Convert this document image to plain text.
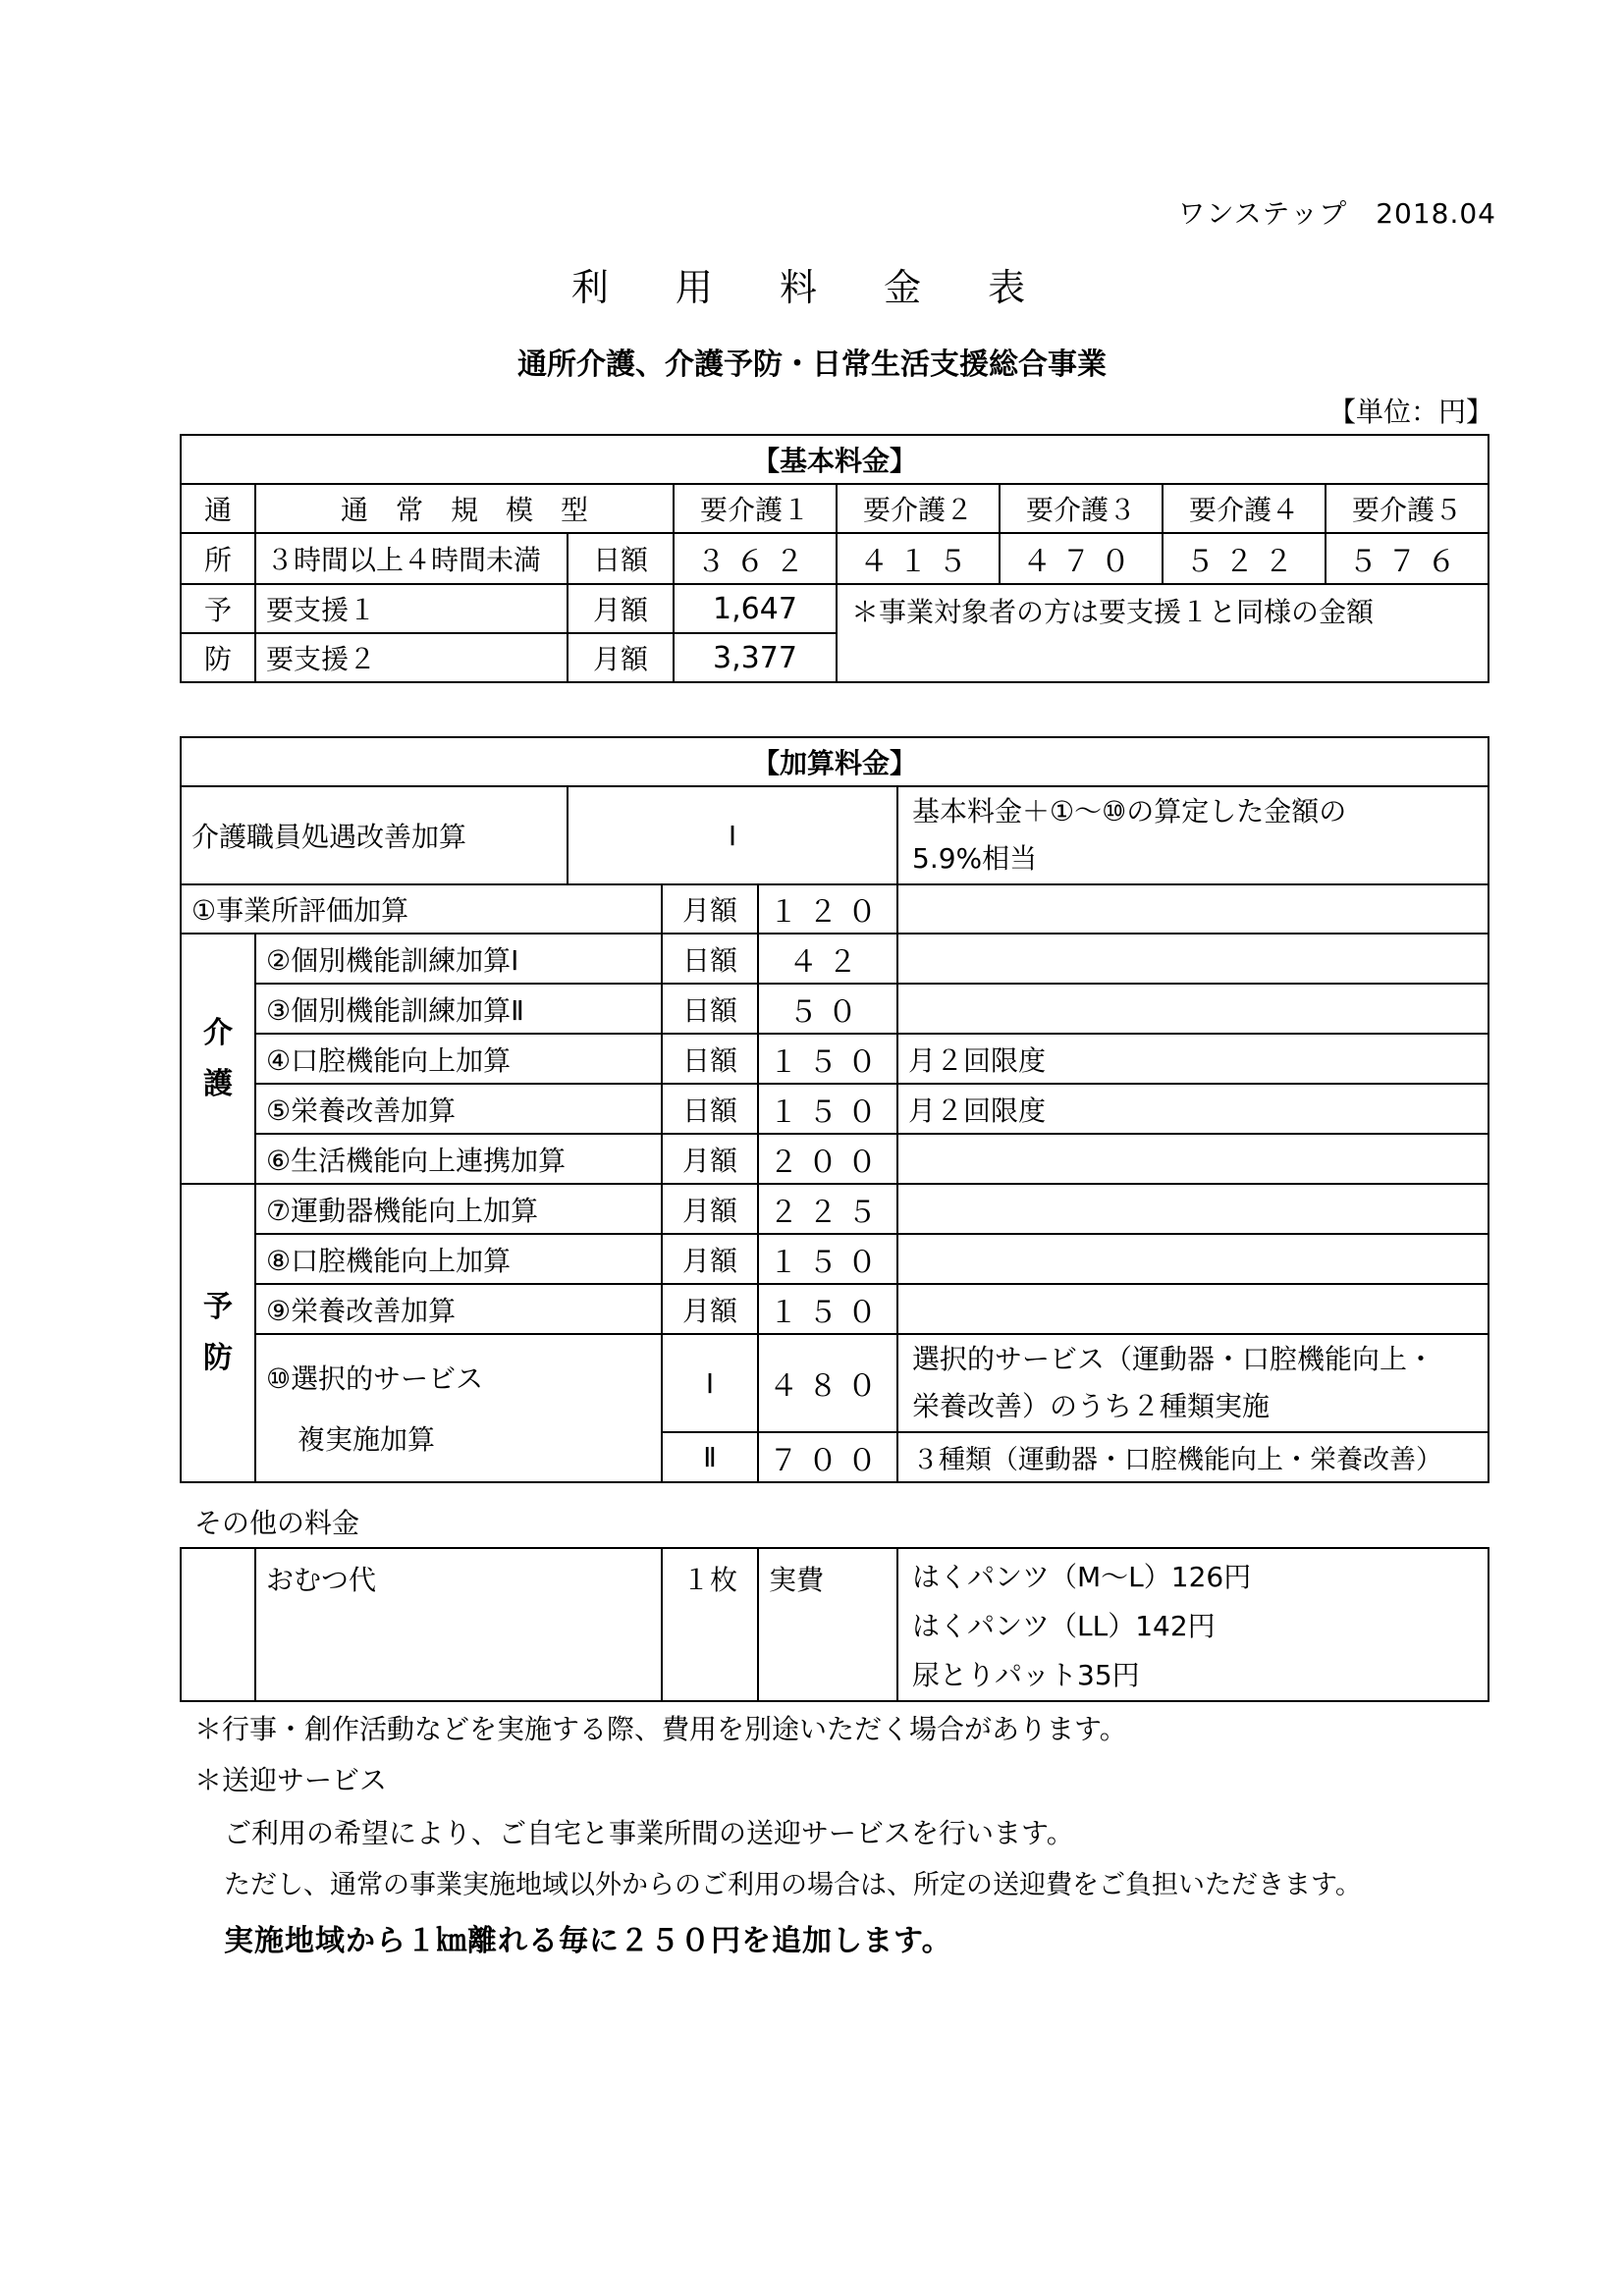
ワンステップ　2018.04
利 用 料 金 表
通所介護、介護予防・日常生活支援総合事業
【単位：円】
【基本料金】							
通	通　常　規　模　型		要介護１	要介護２	要介護３	要介護４	要介護５
所	３時間以上４時間未満	日額	３６２	４１５	４７０	５２２	５７６
予	要支援１	月額	1,647	＊事業対象者の方は要支援１と同様の金額			
防	要支援２	月額	3,377				
【加算料金】					
介護職員処遇改善加算		Ⅰ			基本料金＋①～⑩の算定した金額の
5.9%相当

①事業所評価加算			月額	１２０	

介
護	②個別機能訓練加算Ⅰ		日額	４２	
	③個別機能訓練加算Ⅱ		日額	５０	
	④口腔機能向上加算		日額	１５０	月２回限度
	⑤栄養改善加算		日額	１５０	月２回限度
	⑥生活機能向上連携加算		月額	２００	

予
防	⑦運動器機能向上加算		月額	２２５	
	⑧口腔機能向上加算		月額	１５０	
	⑨栄養改善加算		月額	１５０	

	⑩選択的サービス
複実施加算		Ⅰ	４８０	選択的サービス（運動器・口腔機能向上・
栄養改善）のうち２種類実施

			Ⅱ	７００	３種類（運動器・口腔機能向上・栄養改善）
その他の料金
	おむつ代	１枚	実費	はくパンツ（M～L）126円
はくパンツ（LL）142円
尿とりパット35円
＊行事・創作活動などを実施する際、費用を別途いただく場合があります。
＊送迎サービス
ご利用の希望により、ご自宅と事業所間の送迎サービスを行います。
ただし、通常の事業実施地域以外からのご利用の場合は、所定の送迎費をご負担いただきます。
実施地域から１㎞離れる毎に２５０円を追加します。
